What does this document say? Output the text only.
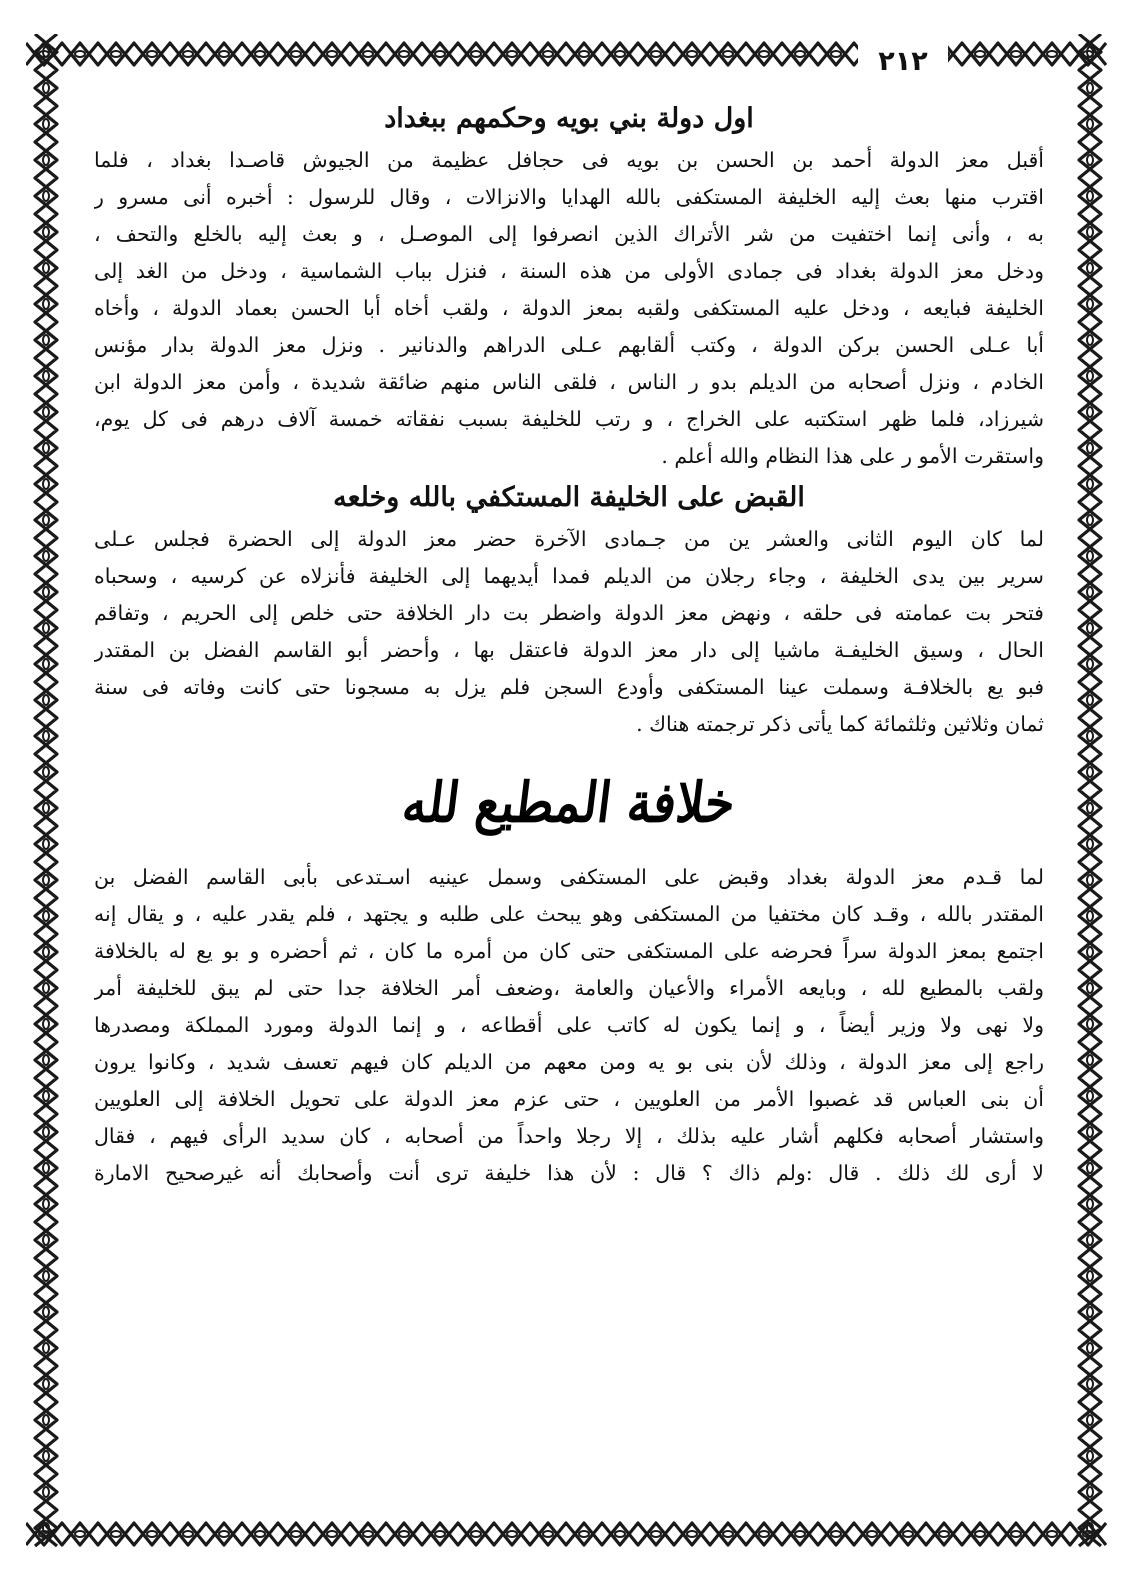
٢١٢
اول دولة بني بويه وحكمهم ببغداد
أقبل معز الدولة أحمد بن الحسن بن بويه فى حجافل عظيمة من الجيوش قاصـدا بغداد ، فلما
اقترب منها بعث إليه الخليفة المستكفى بالله الهدايا والانزالات ، وقال للرسول : أخبره أنى مسرو ر
به ، وأنى إنما اختفيت من شر الأتراك الذين انصرفوا إلى الموصـل ، و بعث إليه بالخلع والتحف ،
ودخل معز الدولة بغداد فى جمادى الأولى من هذه السنة ، فنزل بباب الشماسية ، ودخل من الغد إلى
الخليفة فبايعه ، ودخل عليه المستكفى ولقبه بمعز الدولة ، ولقب أخاه أبا الحسن بعماد الدولة ، وأخاه
أبا عـلى الحسن بركن الدولة ، وكتب ألقابهم عـلى الدراهم والدنانير . ونزل معز الدولة بدار مؤنس
الخادم ، ونزل أصحابه من الديلم بدو ر الناس ، فلقى الناس منهم ضائقة شديدة ، وأمن معز الدولة ابن
شيرزاد، فلما ظهر استكتبه على الخراج ، و رتب للخليفة بسبب نفقاته خمسة آلاف درهم فى كل يوم،
واستقرت الأمو ر على هذا النظام والله أعلم .
القبض على الخليفة المستكفي بالله وخلعه
لما كان اليوم الثانى والعشر ين من جـمادى الآخرة حضر معز الدولة إلى الحضرة فجلس عـلى
سرير بين يدى الخليفة ، وجاء رجلان من الديلم فمدا أيديهما إلى الخليفة فأنزلاه عن كرسيه ، وسحباه
فتحر بت عمامته فى حلقه ، ونهض معز الدولة واضطر بت دار الخلافة حتى خلص إلى الحريم ، وتفاقم
الحال ، وسيق الخليفـة ماشيا إلى دار معز الدولة فاعتقل بها ، وأحضر أبو القاسم الفضل بن المقتدر
فبو يع بالخلافـة وسملت عينا المستكفى وأودع السجن فلم يزل به مسجونا حتى كانت وفاته فى سنة
ثمان وثلاثين وثلثمائة كما يأتى ذكر ترجمته هناك .
خلافة المطيع لله
لما قـدم معز الدولة بغداد وقبض على المستكفى وسمل عينيه اسـتدعى بأبى القاسم الفضل بن
المقتدر بالله ، وقـد كان مختفيا من المستكفى وهو يبحث على طلبه و يجتهد ، فلم يقدر عليه ، و يقال إنه
اجتمع بمعز الدولة سراً فحرضه على المستكفى حتى كان من أمره ما كان ، ثم أحضره و بو يع له بالخلافة
ولقب بالمطيع لله ، وبايعه الأمراء والأعيان والعامة ،وضعف أمر الخلافة جدا حتى لم يبق للخليفة أمر
ولا نهى ولا وزير أيضاً ، و إنما يكون له كاتب على أقطاعه ، و إنما الدولة ومورد المملكة ومصدرها
راجع إلى معز الدولة ، وذلك لأن بنى بو يه ومن معهم من الديلم كان فيهم تعسف شديد ، وكانوا يرون
أن بنى العباس قد غصبوا الأمر من العلويين ، حتى عزم معز الدولة على تحويل الخلافة إلى العلويين
واستشار أصحابه فكلهم أشار عليه بذلك ، إلا رجلا واحداً من أصحابه ، كان سديد الرأى فيهم ، فقال
لا أرى لك ذلك . قال :ولم ذاك ؟ قال : لأن هذا خليفة ترى أنت وأصحابك أنه غيرصحيح الامارة
